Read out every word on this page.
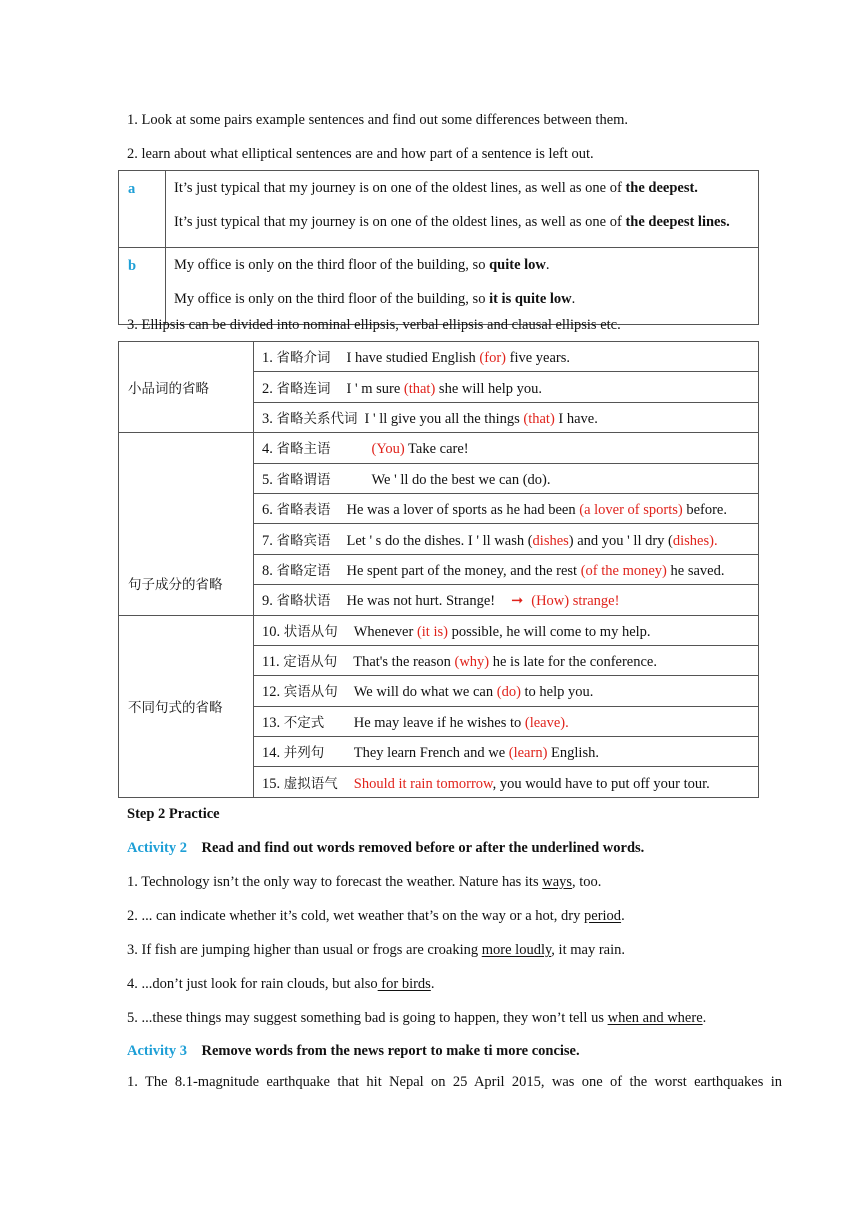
1. Look at some pairs example sentences and find out some differences between them.
2. learn about what elliptical sentences are and how part of a sentence is left out.
a	It’s just typical that my journey is on one of the oldest lines, as well as one of the deepest.
It’s just typical that my journey is on one of the oldest lines, as well as one of the deepest lines.

b	My office is only on the third floor of the building, so quite low.
My office is only on the third floor of the building, so it is quite low.
3. Ellipsis can be divided into nominal ellipsis, verbal ellipsis and clausal ellipsis etc.
小品词的省略	1. 省略介词 I have studied English (for) five years.
	2. 省略连词 I ' m sure (that) she will help you.
	3. 省略关系代词 I ' ll give you all the things (that) I have.
句子成分的省略	4. 省略主语 (You) Take care!
	5. 省略谓语 We ' ll do the best we can (do).
	6. 省略表语 He was a lover of sports as he had been (a lover of sports) before.
	7. 省略宾语 Let ' s do the dishes. I ' ll wash (dishes) and you ' ll dry (dishes).
	8. 省略定语 He spent part of the money, and the rest (of the money) he saved.
	9. 省略状语 He was not hurt. Strange! ➞ (How) strange!
不同句式的省略	10. 状语从句 Whenever (it is) possible, he will come to my help.
	11. 定语从句 That's the reason (why) he is late for the conference.
	12. 宾语从句 We will do what we can (do) to help you.
	13. 不定式 He may leave if he wishes to (leave).
	14. 并列句 They learn French and we (learn) English.
	15. 虚拟语气 Should it rain tomorrow, you would have to put off your tour.
Step 2 Practice
Activity 2 Read and find out words removed before or after the underlined words.
1. Technology isn’t the only way to forecast the weather. Nature has its ways, too.
2. ... can indicate whether it’s cold, wet weather that’s on the way or a hot, dry period.
3. If fish are jumping higher than usual or frogs are croaking more loudly, it may rain.
4. ...don’t just look for rain clouds, but also for birds.
5. ...these things may suggest something bad is going to happen, they won’t tell us when and where.
Activity 3 Remove words from the news report to make ti more concise.
1. The 8.1-magnitude earthquake that hit Nepal on 25 April 2015, was one of the worst earthquakes in
